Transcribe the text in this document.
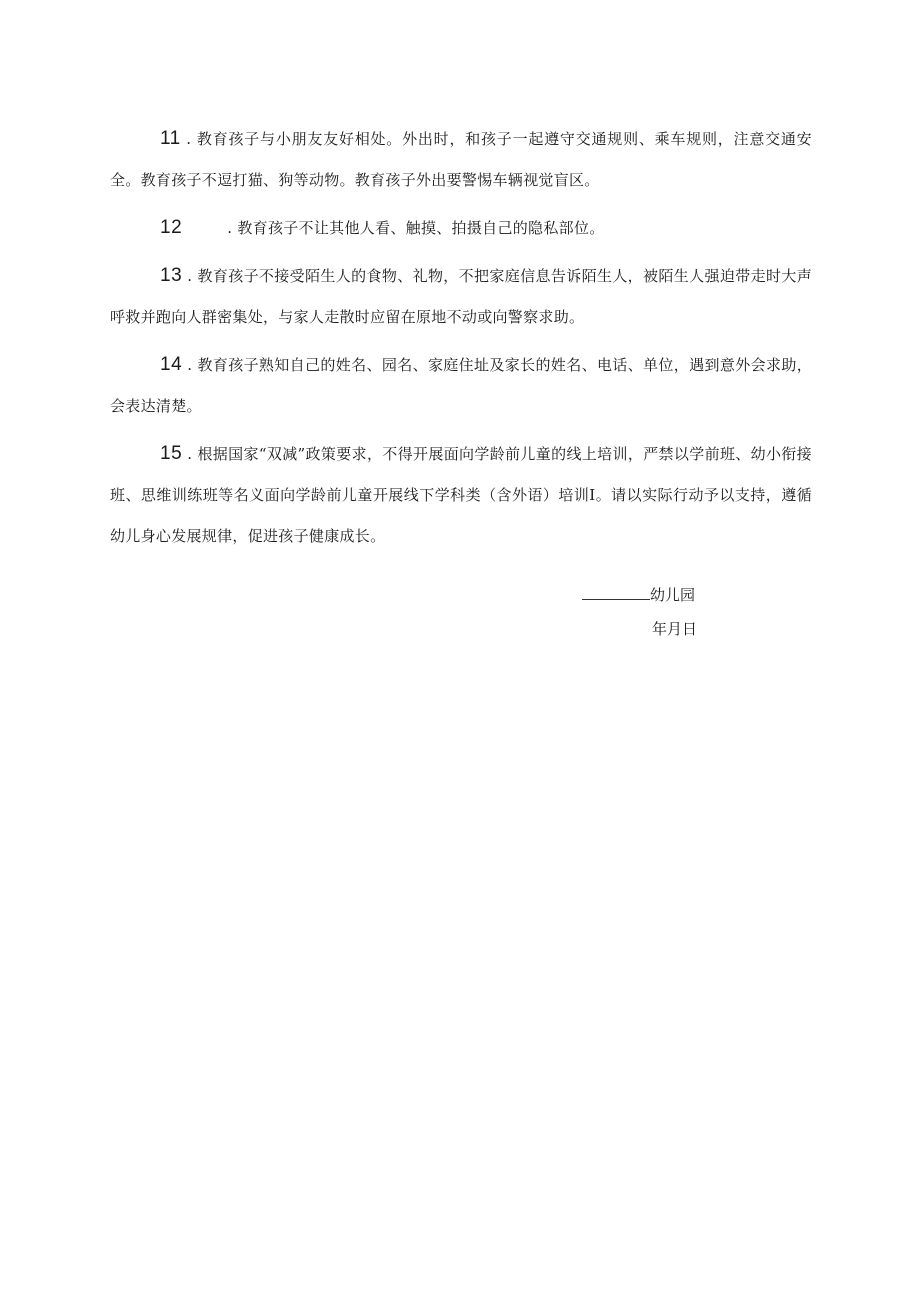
11 . 教育孩子与小朋友友好相处。外出时，和孩子一起遵守交通规则、乘车规则，注意交通安全。教育孩子不逗打猫、狗等动物。教育孩子外出要警惕车辆视觉盲区。

12	. 教育孩子不让其他人看、触摸、拍摄自己的隐私部位。

13 . 教育孩子不接受陌生人的食物、礼物，不把家庭信息告诉陌生人，被陌生人强迫带走时大声呼救并跑向人群密集处，与家人走散时应留在原地不动或向警察求助。

14 . 教育孩子熟知自己的姓名、园名、家庭住址及家长的姓名、电话、单位，遇到意外会求助，会表达清楚。

15 . 根据国家“双减”政策要求，不得开展面向学龄前儿童的线上培训，严禁以学前班、幼小衔接班、思维训练班等名义面向学龄前儿童开展线下学科类（含外语）培训I。请以实际行动予以支持，遵循幼儿身心发展规律，促进孩子健康成长。

幼儿园
年月日
